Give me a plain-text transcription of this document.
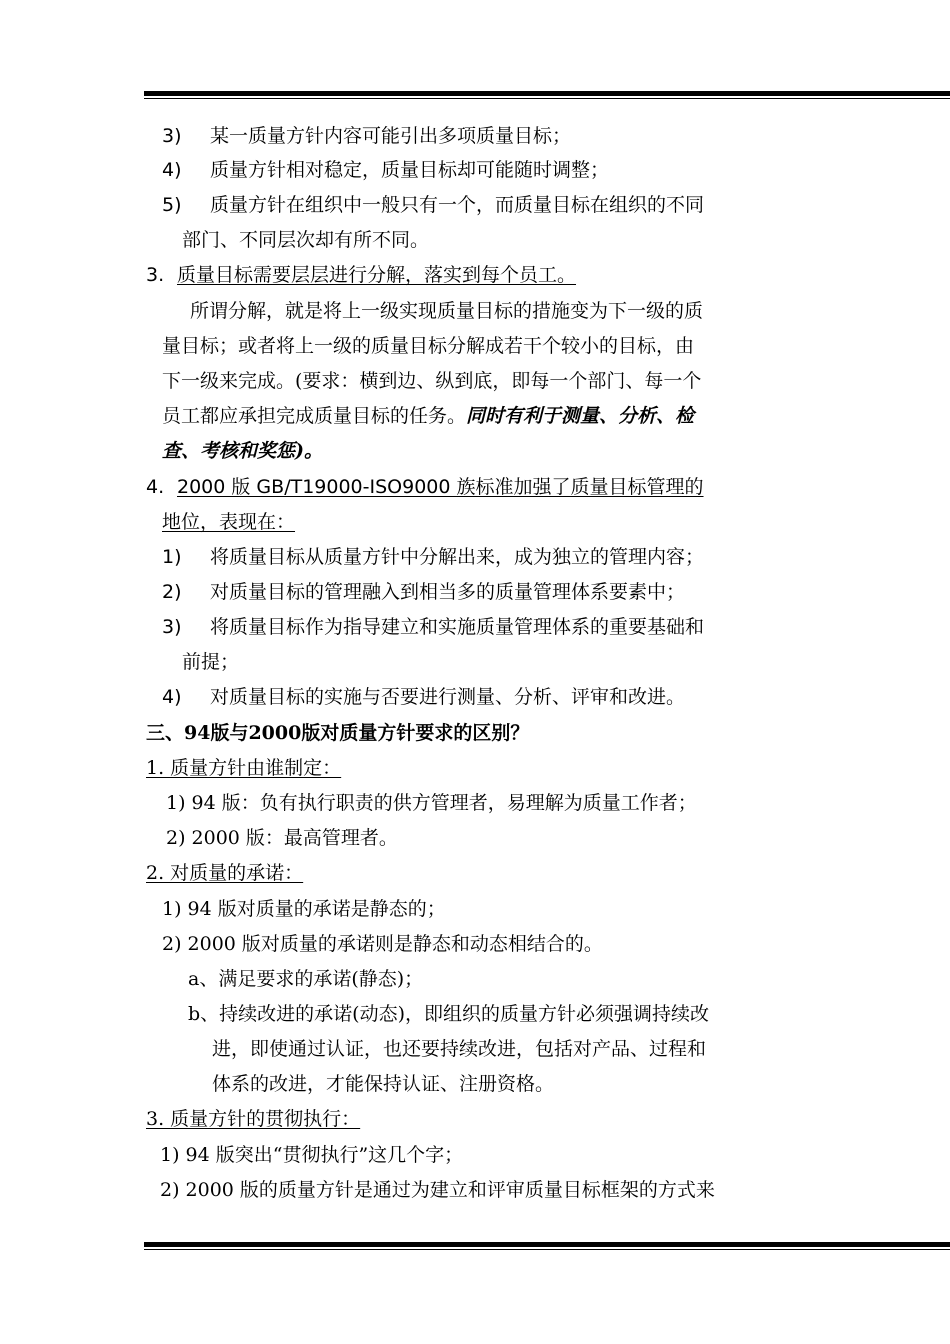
3) 某一质量方针内容可能引出多项质量目标；
4) 质量方针相对稳定，质量目标却可能随时调整；
5) 质量方针在组织中一般只有一个，而质量目标在组织的不同
部门、不同层次却有所不同。
3. 质量目标需要层层进行分解，落实到每个员工。
所谓分解，就是将上一级实现质量目标的措施变为下一级的质
量目标；或者将上一级的质量目标分解成若干个较小的目标，由
下一级来完成。(要求：横到边、纵到底，即每一个部门、每一个
员工都应承担完成质量目标的任务。同时有利于测量、分析、检
查、考核和奖惩)。
4. 2000 版 GB/T19000-ISO9000 族标准加强了质量目标管理的
地位，表现在：
1) 将质量目标从质量方针中分解出来，成为独立的管理内容；
2) 对质量目标的管理融入到相当多的质量管理体系要素中；
3) 将质量目标作为指导建立和实施质量管理体系的重要基础和
前提；
4) 对质量目标的实施与否要进行测量、分析、评审和改进。
三、94版与2000版对质量方针要求的区别？
1. 质量方针由谁制定：
1) 94 版：负有执行职责的供方管理者，易理解为质量工作者；
2) 2000 版：最高管理者。
2. 对质量的承诺：
1) 94 版对质量的承诺是静态的；
2) 2000 版对质量的承诺则是静态和动态相结合的。
a、满足要求的承诺(静态)；
b、持续改进的承诺(动态)，即组织的质量方针必须强调持续改
进，即使通过认证，也还要持续改进，包括对产品、过程和
体系的改进，才能保持认证、注册资格。
3. 质量方针的贯彻执行：
1) 94 版突出“贯彻执行”这几个字；
2) 2000 版的质量方针是通过为建立和评审质量目标框架的方式来
